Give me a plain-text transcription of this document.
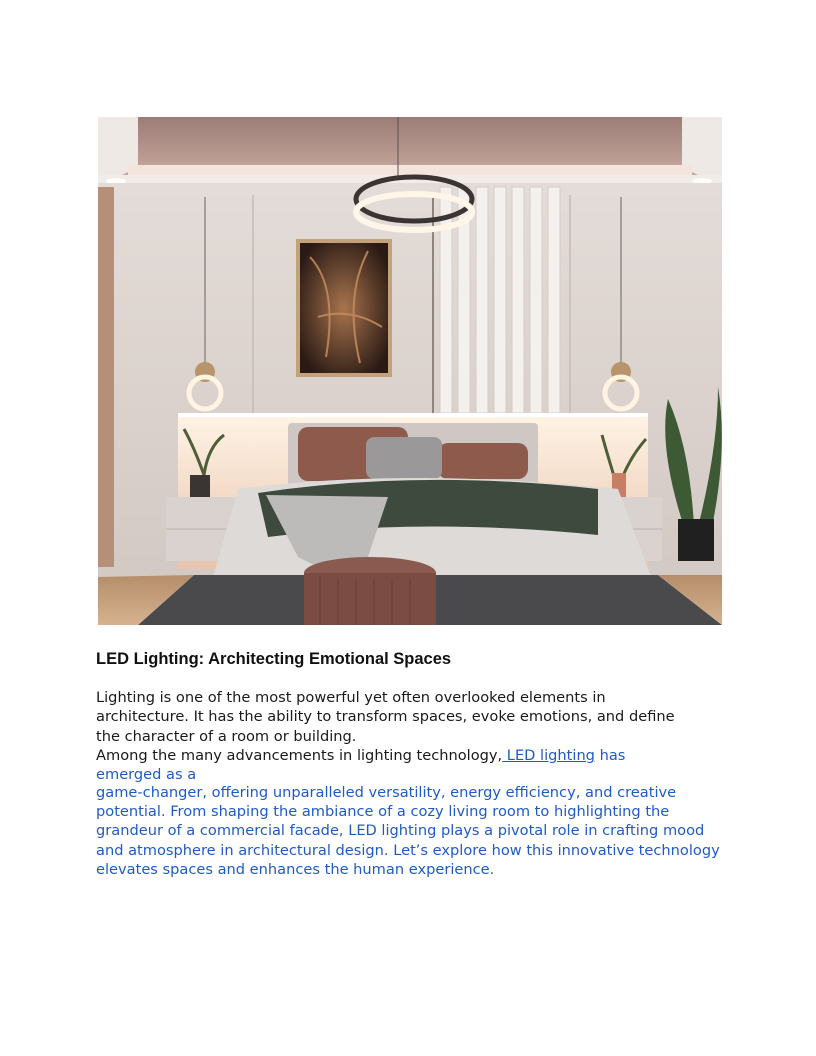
LED Lighting: Architecting Emotional Spaces
Lighting is one of the most powerful yet often overlooked elements in
architecture. It has the ability to transform spaces, evoke emotions, and define
the character of a room or building.
Among the many advancements in lighting technology, LED lighting has
emerged as a
game-changer, offering unparalleled versatility, energy efficiency, and creative
potential. From shaping the ambiance of a cozy living room to highlighting the
grandeur of a commercial facade, LED lighting plays a pivotal role in crafting mood
and atmosphere in architectural design. Let’s explore how this innovative technology
elevates spaces and enhances the human experience.
